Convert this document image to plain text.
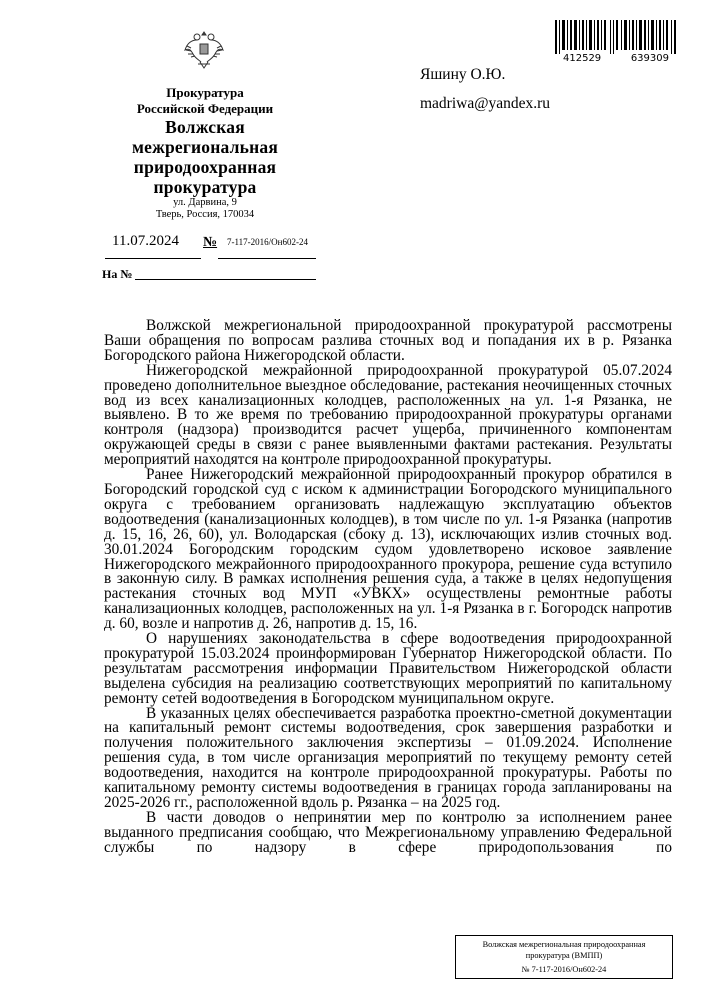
Прокуратура
Российской Федерации
Волжская
межрегиональная
природоохранная
прокуратура
ул. Дарвина, 9
Тверь, Россия, 170034
11.07.2024 № 7-117-2016/Он602-24
На №
412529	639309
Яшину О.Ю.
madriwa@yandex.ru

Волжской межрегиональной природоохранной прокуратурой рассмотрены Ваши обращения по вопросам разлива сточных вод и попадания их в р. Рязанка Богородского района Нижегородской области.

Нижегородской межрайонной природоохранной прокуратурой 05.07.2024 проведено дополнительное выездное обследование, растекания неочищенных сточных вод из всех канализационных колодцев, расположенных на ул. 1-я Рязанка, не выявлено. В то же время по требованию природоохранной прокуратуры органами контроля (надзора) производится расчет ущерба, причиненного компонентам окружающей среды в связи с ранее выявленными фактами растекания. Результаты мероприятий находятся на контроле природоохранной прокуратуры.

Ранее Нижегородский межрайонной природоохранный прокурор обратился в Богородский городской суд с иском к администрации Богородского муниципального округа с требованием организовать надлежащую эксплуатацию объектов водоотведения (канализационных колодцев), в том числе по ул. 1-я Рязанка (напротив д. 15, 16, 26, 60), ул. Володарская (сбоку д. 13), исключающих излив сточных вод. 30.01.2024 Богородским городским судом удовлетворено исковое заявление Нижегородского межрайонного природоохранного прокурора, решение суда вступило в законную силу. В рамках исполнения решения суда, а также в целях недопущения растекания сточных вод МУП «УВКХ» осуществлены ремонтные работы канализационных колодцев, расположенных на ул. 1-я Рязанка в г. Богородск напротив д. 60, возле и напротив д. 26, напротив д. 15, 16.

О нарушениях законодательства в сфере водоотведения природоохранной прокуратурой 15.03.2024 проинформирован Губернатор Нижегородской области. По результатам рассмотрения информации Правительством Нижегородской области выделена субсидия на реализацию соответствующих мероприятий по капитальному ремонту сетей водоотведения в Богородском муниципальном округе.

В указанных целях обеспечивается разработка проектно-сметной документации на капитальный ремонт системы водоотведения, срок завершения разработки и получения положительного заключения экспертизы – 01.09.2024. Исполнение решения суда, в том числе организация мероприятий по текущему ремонту сетей водоотведения, находится на контроле природоохранной прокуратуры. Работы по капитальному ремонту системы водоотведения в границах города запланированы на 2025-2026 гг., расположенной вдоль р. Рязанка – на 2025 год.

В части доводов о непринятии мер по контролю за исполнением ранее выданного предписания сообщаю, что Межрегиональному управлению Федеральной службы по надзору в сфере природопользования по

Волжская межрегиональная природоохранная
прокуратура (ВМПП)
№ 7-117-2016/Он602-24
